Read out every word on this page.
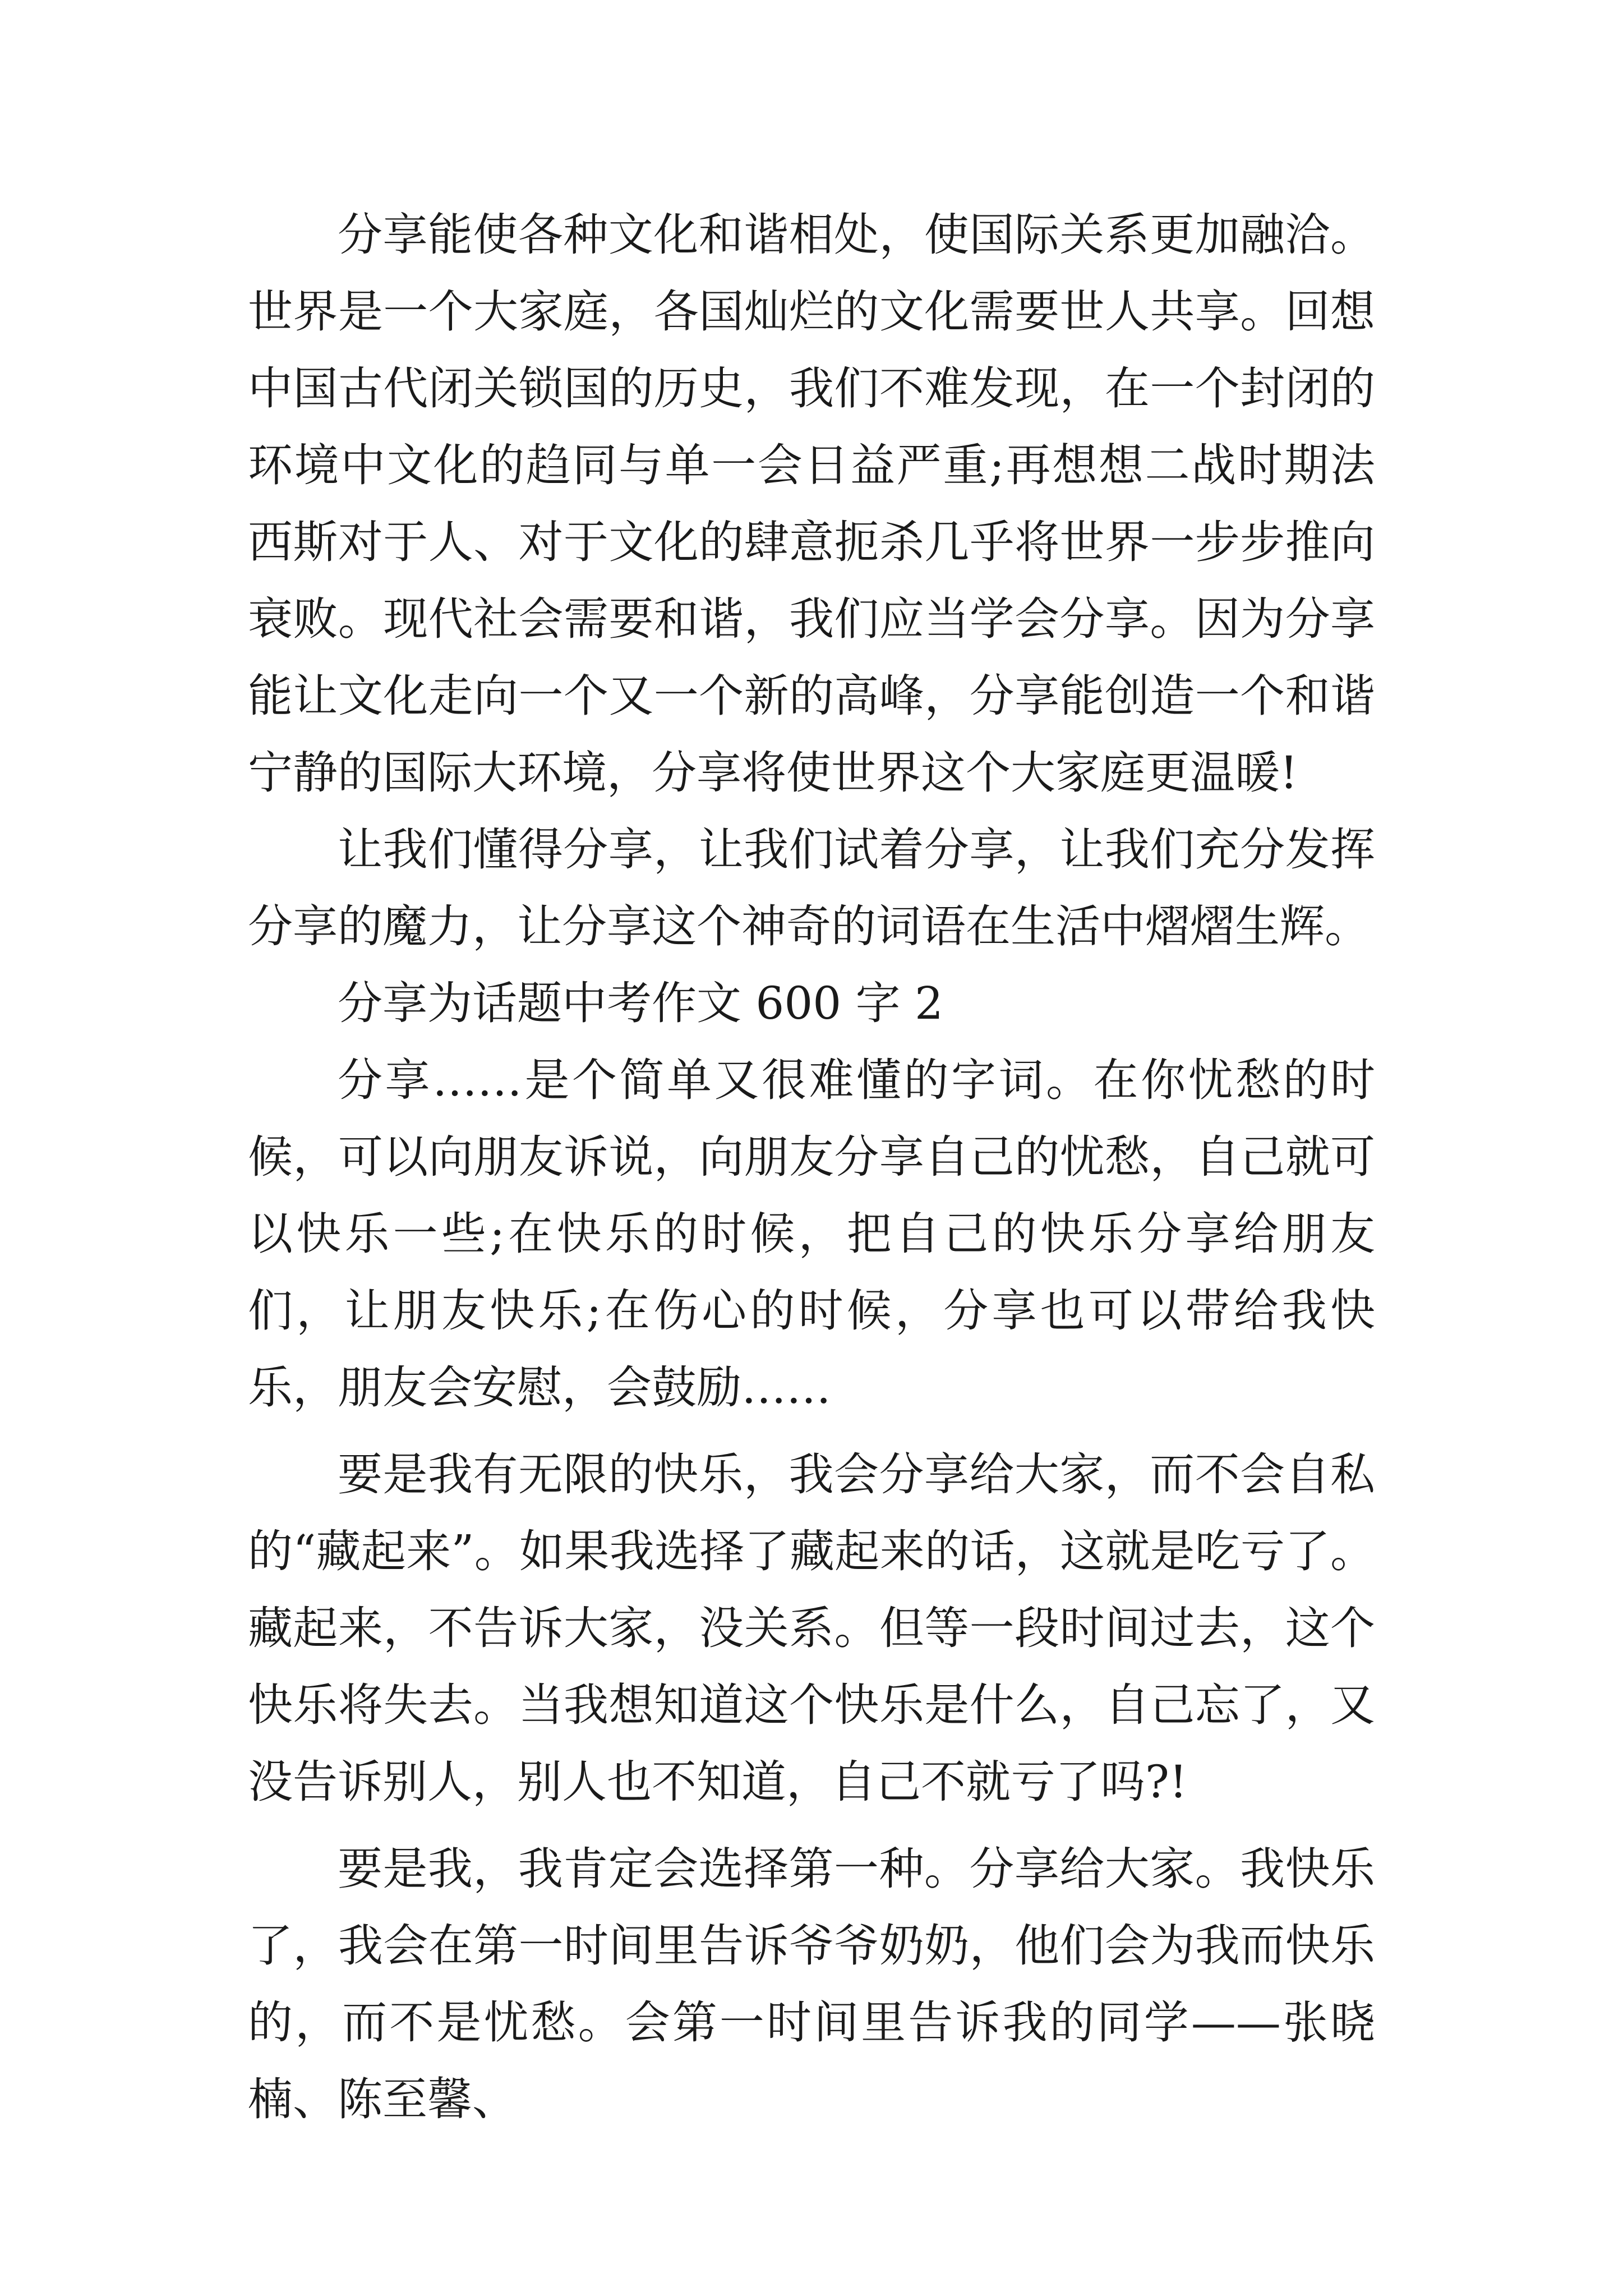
分享能使各种文化和谐相处，使国际关系更加融洽。世界是一个大家庭，各国灿烂的文化需要世人共享。回想中国古代闭关锁国的历史，我们不难发现，在一个封闭的环境中文化的趋同与单一会日益严重;再想想二战时期法西斯对于人、对于文化的肆意扼杀几乎将世界一步步推向衰败。现代社会需要和谐，我们应当学会分享。因为分享能让文化走向一个又一个新的高峰，分享能创造一个和谐宁静的国际大环境，分享将使世界这个大家庭更温暖!

让我们懂得分享，让我们试着分享，让我们充分发挥分享的魔力，让分享这个神奇的词语在生活中熠熠生辉。

分享为话题中考作文 600 字 2

分享……是个简单又很难懂的字词。在你忧愁的时候，可以向朋友诉说，向朋友分享自己的忧愁，自己就可以快乐一些;在快乐的时候，把自己的快乐分享给朋友们，让朋友快乐;在伤心的时候，分享也可以带给我快乐，朋友会安慰，会鼓励……

要是我有无限的快乐，我会分享给大家，而不会自私的“藏起来”。如果我选择了藏起来的话，这就是吃亏了。藏起来，不告诉大家，没关系。但等一段时间过去，这个快乐将失去。当我想知道这个快乐是什么，自己忘了，又没告诉别人，别人也不知道，自己不就亏了吗?!

要是我，我肯定会选择第一种。分享给大家。我快乐了，我会在第一时间里告诉爷爷奶奶，他们会为我而快乐的，而不是忧愁。会第一时间里告诉我的同学——张晓楠、陈至馨、
